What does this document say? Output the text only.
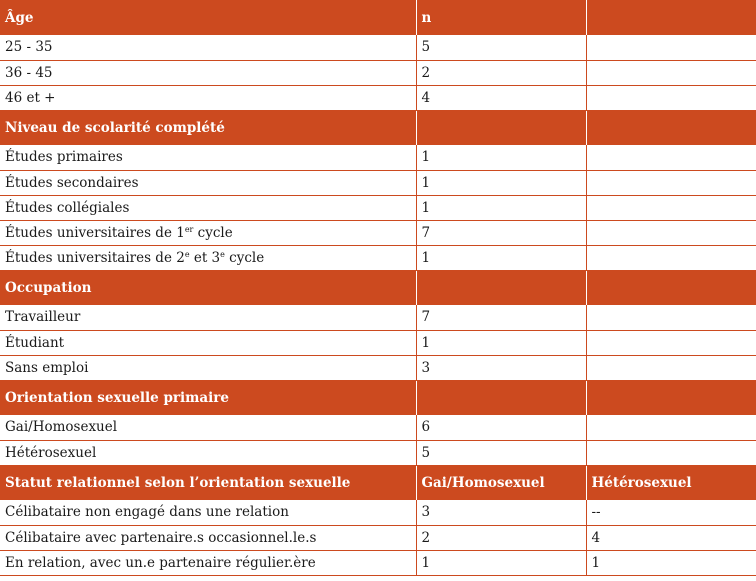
Âge	n	
25 - 35	5	
36 - 45	2	
46 et +	4	
Niveau de scolarité complété		
Études primaires	1	
Études secondaires	1	
Études collégiales	1	
Études universitaires de 1er cycle	7	
Études universitaires de 2e et 3e cycle	1	
Occupation		
Travailleur	7	
Étudiant	1	
Sans emploi	3	
Orientation sexuelle primaire		
Gai/Homosexuel	6	
Hétérosexuel	5	
Statut relationnel selon l’orientation sexuelle	Gai/Homosexuel	Hétérosexuel
Célibataire non engagé dans une relation	3	--
Célibataire avec partenaire.s occasionnel.le.s	2	4
En relation, avec un.e partenaire régulier.ère	1	1
